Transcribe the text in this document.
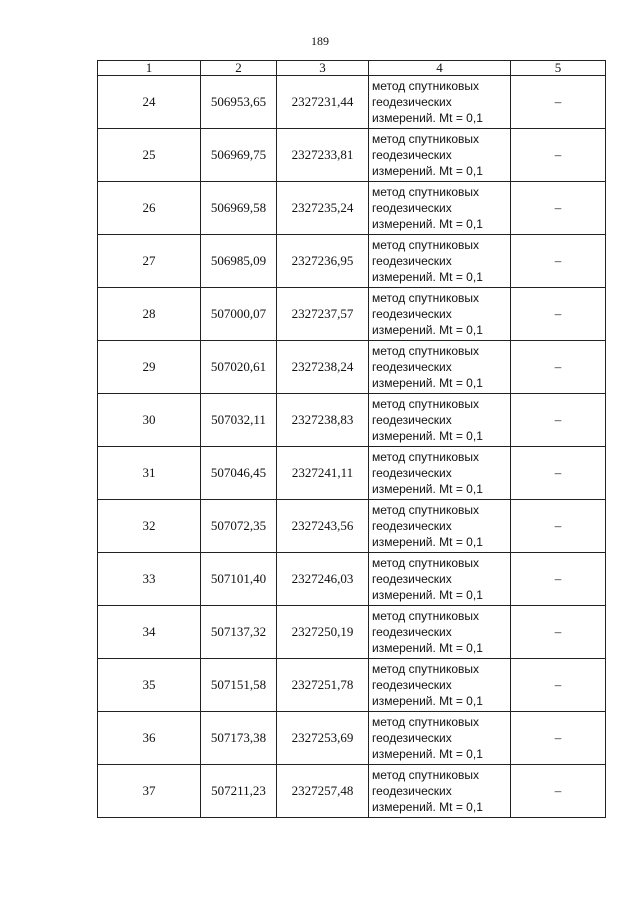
189
1	2	3	4	5
24	506953,65	2327231,44	метод спутниковых
геодезических
измерений. Mt = 0,1	–
25	506969,75	2327233,81	метод спутниковых
геодезических
измерений. Mt = 0,1	–
26	506969,58	2327235,24	метод спутниковых
геодезических
измерений. Mt = 0,1	–
27	506985,09	2327236,95	метод спутниковых
геодезических
измерений. Mt = 0,1	–
28	507000,07	2327237,57	метод спутниковых
геодезических
измерений. Mt = 0,1	–
29	507020,61	2327238,24	метод спутниковых
геодезических
измерений. Mt = 0,1	–
30	507032,11	2327238,83	метод спутниковых
геодезических
измерений. Mt = 0,1	–
31	507046,45	2327241,11	метод спутниковых
геодезических
измерений. Mt = 0,1	–
32	507072,35	2327243,56	метод спутниковых
геодезических
измерений. Mt = 0,1	–
33	507101,40	2327246,03	метод спутниковых
геодезических
измерений. Mt = 0,1	–
34	507137,32	2327250,19	метод спутниковых
геодезических
измерений. Mt = 0,1	–
35	507151,58	2327251,78	метод спутниковых
геодезических
измерений. Mt = 0,1	–
36	507173,38	2327253,69	метод спутниковых
геодезических
измерений. Mt = 0,1	–
37	507211,23	2327257,48	метод спутниковых
геодезических
измерений. Mt = 0,1	–
